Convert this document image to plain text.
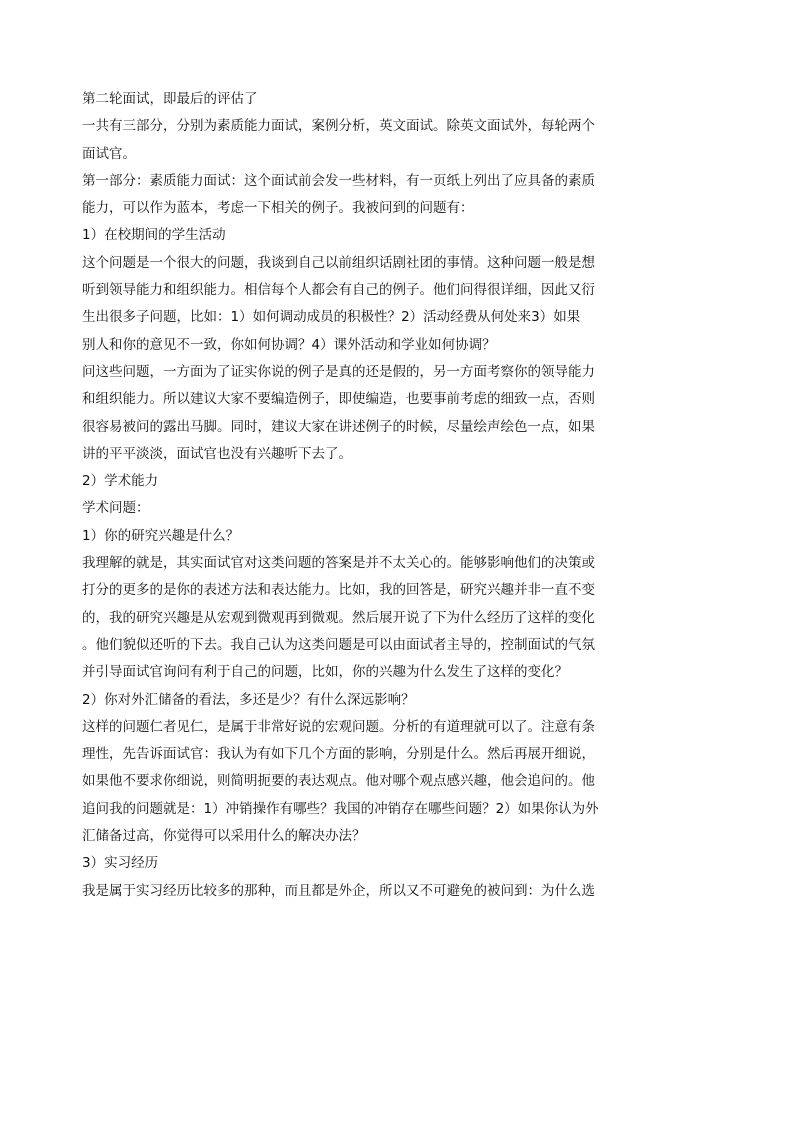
第二轮面试，即最后的评估了
一共有三部分，分别为素质能力面试，案例分析，英文面试。除英文面试外，每轮两个
面试官。
第一部分：素质能力面试：这个面试前会发一些材料，有一页纸上列出了应具备的素质
能力，可以作为蓝本，考虑一下相关的例子。我被问到的问题有：
1）在校期间的学生活动
这个问题是一个很大的问题，我谈到自己以前组织话剧社团的事情。这种问题一般是想
听到领导能力和组织能力。相信每个人都会有自己的例子。他们问得很详细，因此又衍
生出很多子问题，比如：1）如何调动成员的积极性？2）活动经费从何处来3）如果
别人和你的意见不一致，你如何协调？4）课外活动和学业如何协调？
问这些问题，一方面为了证实你说的例子是真的还是假的，另一方面考察你的领导能力
和组织能力。所以建议大家不要编造例子，即使编造，也要事前考虑的细致一点，否则
很容易被问的露出马脚。同时，建议大家在讲述例子的时候，尽量绘声绘色一点，如果
讲的平平淡淡，面试官也没有兴趣听下去了。
2）学术能力
学术问题：
1）你的研究兴趣是什么？
我理解的就是，其实面试官对这类问题的答案是并不太关心的。能够影响他们的决策或
打分的更多的是你的表述方法和表达能力。比如，我的回答是，研究兴趣并非一直不变
的，我的研究兴趣是从宏观到微观再到微观。然后展开说了下为什么经历了这样的变化
。他们貌似还听的下去。我自己认为这类问题是可以由面试者主导的，控制面试的气氛
并引导面试官询问有利于自己的问题，比如，你的兴趣为什么发生了这样的变化？
2）你对外汇储备的看法，多还是少？有什么深远影响？
这样的问题仁者见仁，是属于非常好说的宏观问题。分析的有道理就可以了。注意有条
理性，先告诉面试官：我认为有如下几个方面的影响，分别是什么。然后再展开细说，
如果他不要求你细说，则简明扼要的表达观点。他对哪个观点感兴趣，他会追问的。他
追问我的问题就是：1）冲销操作有哪些？我国的冲销存在哪些问题？2）如果你认为外
汇储备过高，你觉得可以采用什么的解决办法？
3）实习经历
我是属于实习经历比较多的那种，而且都是外企，所以又不可避免的被问到：为什么选
